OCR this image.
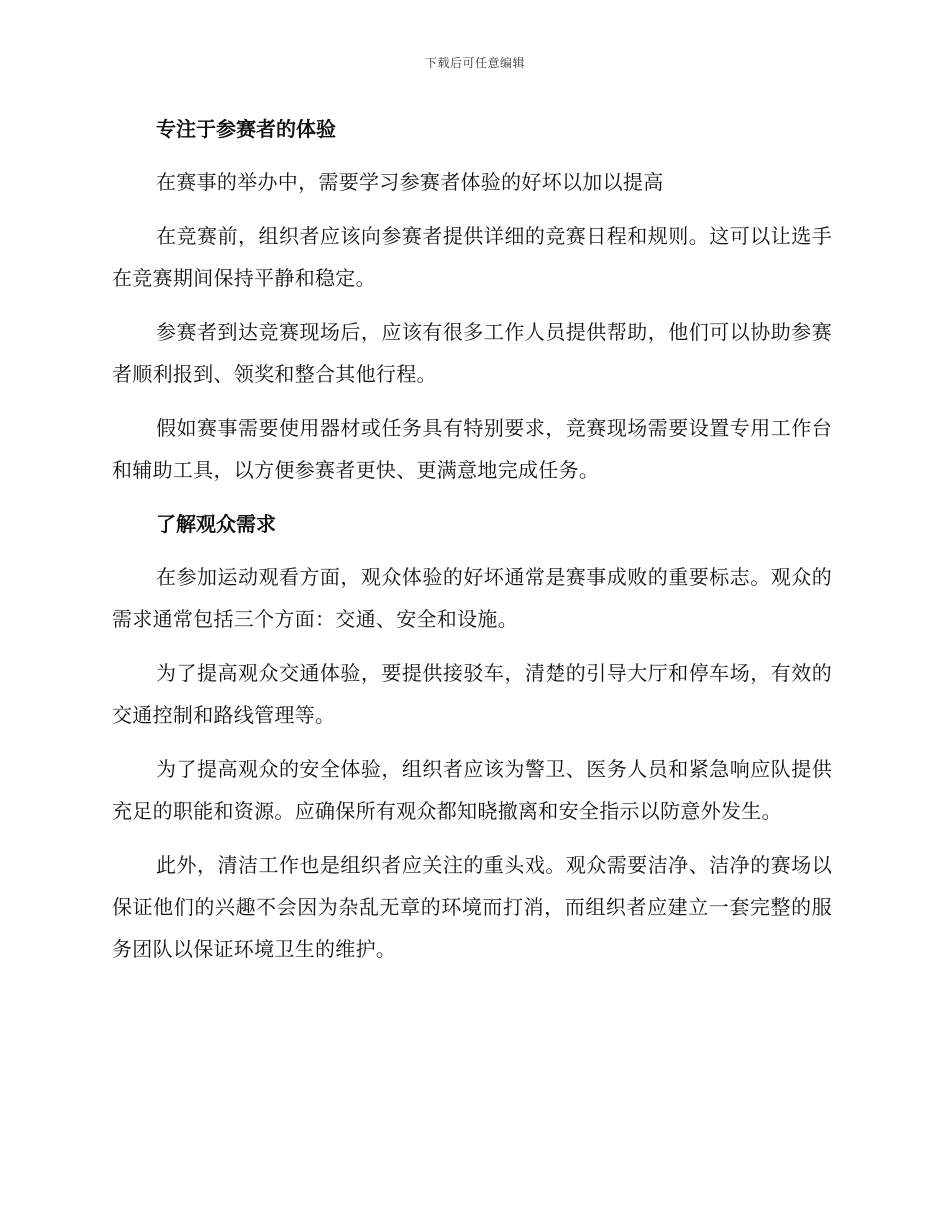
下载后可任意编辑
专注于参赛者的体验

在赛事的举办中，需要学习参赛者体验的好坏以加以提高

在竞赛前，组织者应该向参赛者提供详细的竞赛日程和规则。这可以让选手在竞赛期间保持平静和稳定。

参赛者到达竞赛现场后，应该有很多工作人员提供帮助，他们可以协助参赛者顺利报到、领奖和整合其他行程。

假如赛事需要使用器材或任务具有特别要求，竞赛现场需要设置专用工作台和辅助工具，以方便参赛者更快、更满意地完成任务。

了解观众需求

在参加运动观看方面，观众体验的好坏通常是赛事成败的重要标志。观众的需求通常包括三个方面：交通、安全和设施。

为了提高观众交通体验，要提供接驳车，清楚的引导大厅和停车场，有效的交通控制和路线管理等。

为了提高观众的安全体验，组织者应该为警卫、医务人员和紧急响应队提供充足的职能和资源。应确保所有观众都知晓撤离和安全指示以防意外发生。

此外，清洁工作也是组织者应关注的重头戏。观众需要洁净、洁净的赛场以保证他们的兴趣不会因为杂乱无章的环境而打消，而组织者应建立一套完整的服务团队以保证环境卫生的维护。
